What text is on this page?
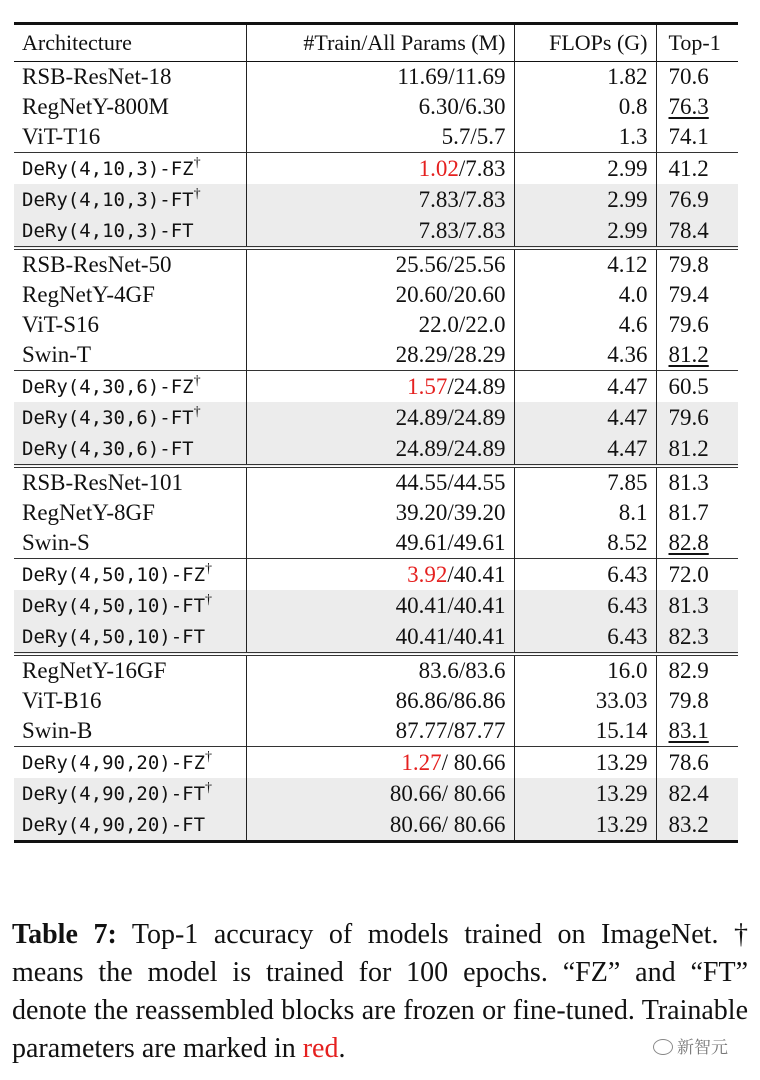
Architecture	#Train/All Params (M)	FLOPs (G)	Top-1
RSB-ResNet-18	11.69/11.69	1.82	70.6
RegNetY-800M	6.30/6.30	0.8	76.3
ViT-T16	5.7/5.7	1.3	74.1
DeRy(4,10,3)-FZ†	1.02/7.83	2.99	41.2
DeRy(4,10,3)-FT†	7.83/7.83	2.99	76.9
DeRy(4,10,3)-FT	7.83/7.83	2.99	78.4
RSB-ResNet-50	25.56/25.56	4.12	79.8
RegNetY-4GF	20.60/20.60	4.0	79.4
ViT-S16	22.0/22.0	4.6	79.6
Swin-T	28.29/28.29	4.36	81.2
DeRy(4,30,6)-FZ†	1.57/24.89	4.47	60.5
DeRy(4,30,6)-FT†	24.89/24.89	4.47	79.6
DeRy(4,30,6)-FT	24.89/24.89	4.47	81.2
RSB-ResNet-101	44.55/44.55	7.85	81.3
RegNetY-8GF	39.20/39.20	8.1	81.7
Swin-S	49.61/49.61	8.52	82.8
DeRy(4,50,10)-FZ†	3.92/40.41	6.43	72.0
DeRy(4,50,10)-FT†	40.41/40.41	6.43	81.3
DeRy(4,50,10)-FT	40.41/40.41	6.43	82.3
RegNetY-16GF	83.6/83.6	16.0	82.9
ViT-B16	86.86/86.86	33.03	79.8
Swin-B	87.77/87.77	15.14	83.1
DeRy(4,90,20)-FZ†	1.27/ 80.66	13.29	78.6
DeRy(4,90,20)-FT†	80.66/ 80.66	13.29	82.4
DeRy(4,90,20)-FT	80.66/ 80.66	13.29	83.2
Table 7: Top-1 accuracy of models trained on ImageNet. † means the model is trained for 100 epochs. “FZ” and “FT” denote the reassembled blocks are frozen or fine-tuned. Trainable parameters are marked in red.	新智元
